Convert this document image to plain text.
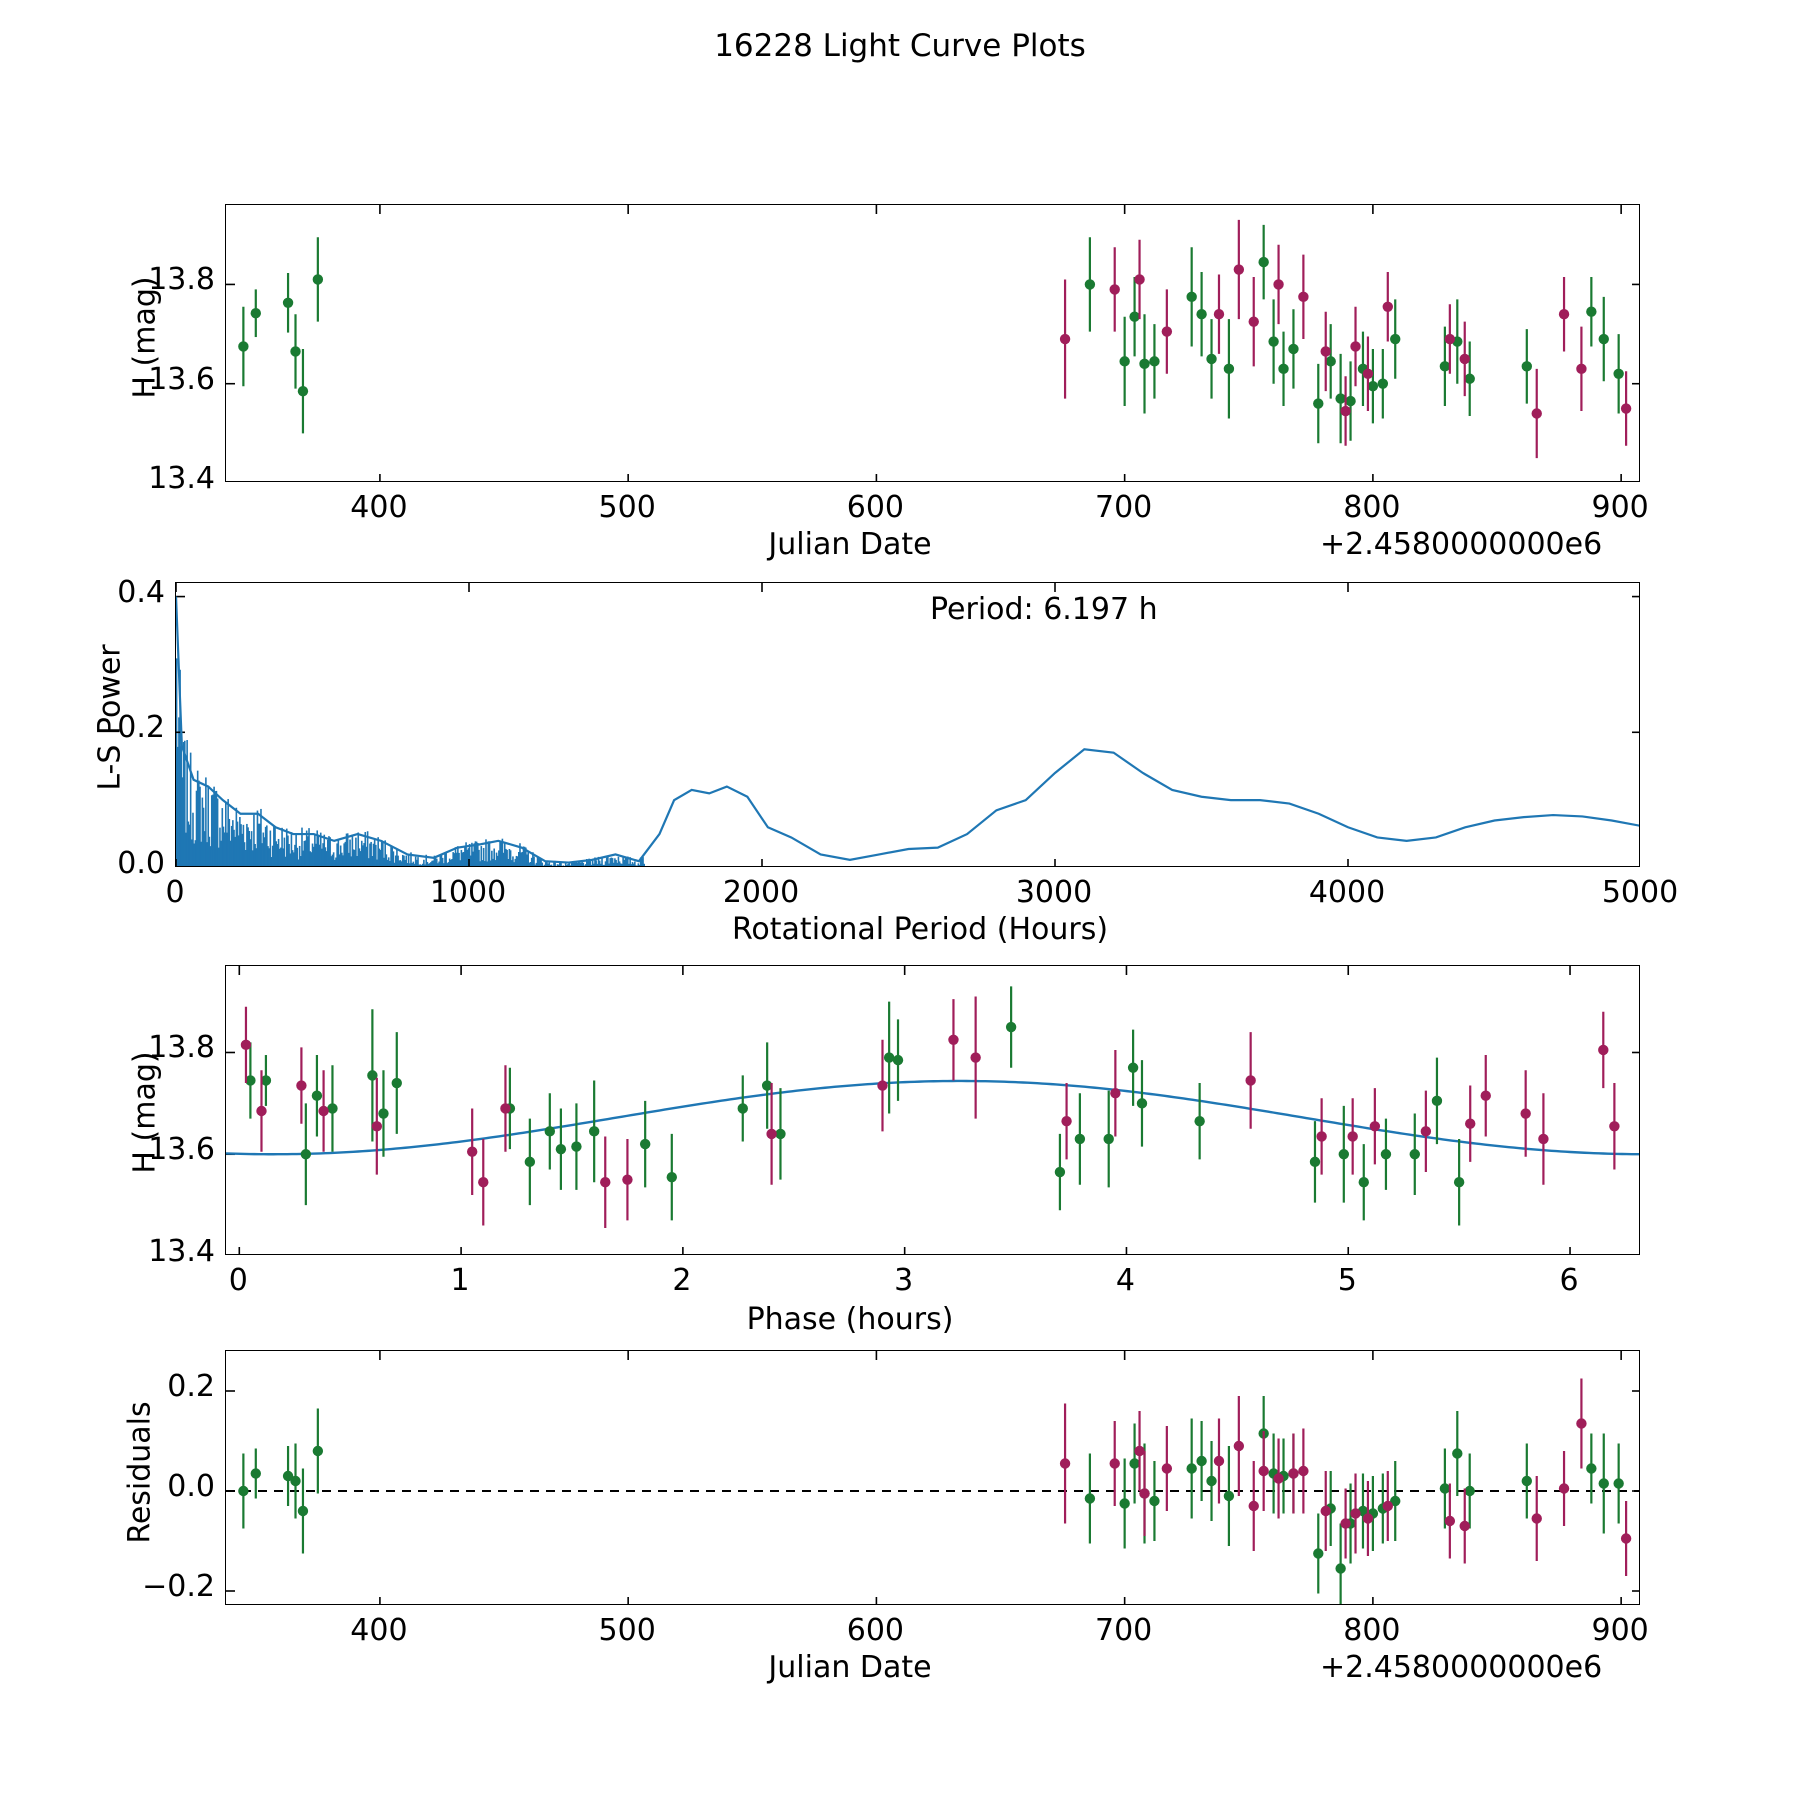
16228 Light Curve Plots
H (mag)
Julian Date	+2.4580000000e6
L-S Power
Rotational Period (Hours)
Period: 6.197 h
H (mag)
Phase (hours)
Residuals
Julian Date	+2.4580000000e6
400	500	600	700	800	900
13.4
13.6
13.8
0	1000	2000	3000	4000	5000
0.0
0.2
0.4
0	1	2	3	4	5	6
13.4
13.6
13.8
400	500	600	700	800	900
−0.2
0.0
0.2
